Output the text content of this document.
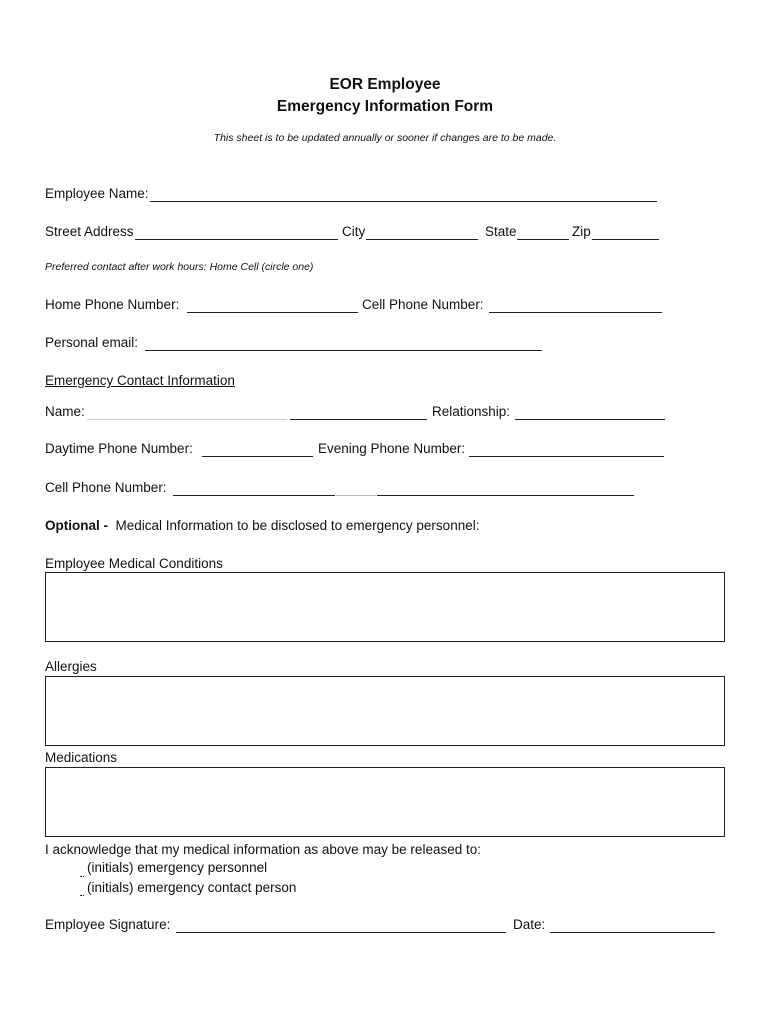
EOR Employee
Emergency Information Form
This sheet is to be updated annually or sooner if changes are to be made.
Employee Name:
Street Address	City	State	Zip
Preferred contact after work hours: Home Cell (circle one)
Home Phone Number:	Cell Phone Number:
Personal email:
Emergency Contact Information
Name:	Relationship:
Daytime Phone Number:	Evening Phone Number:
Cell Phone Number:
Optional - Medical Information to be disclosed to emergency personnel:
Employee Medical Conditions
Allergies
Medications
I acknowledge that my medical information as above may be released to:
(initials) emergency personnel
(initials) emergency contact person
Employee Signature:	Date:
